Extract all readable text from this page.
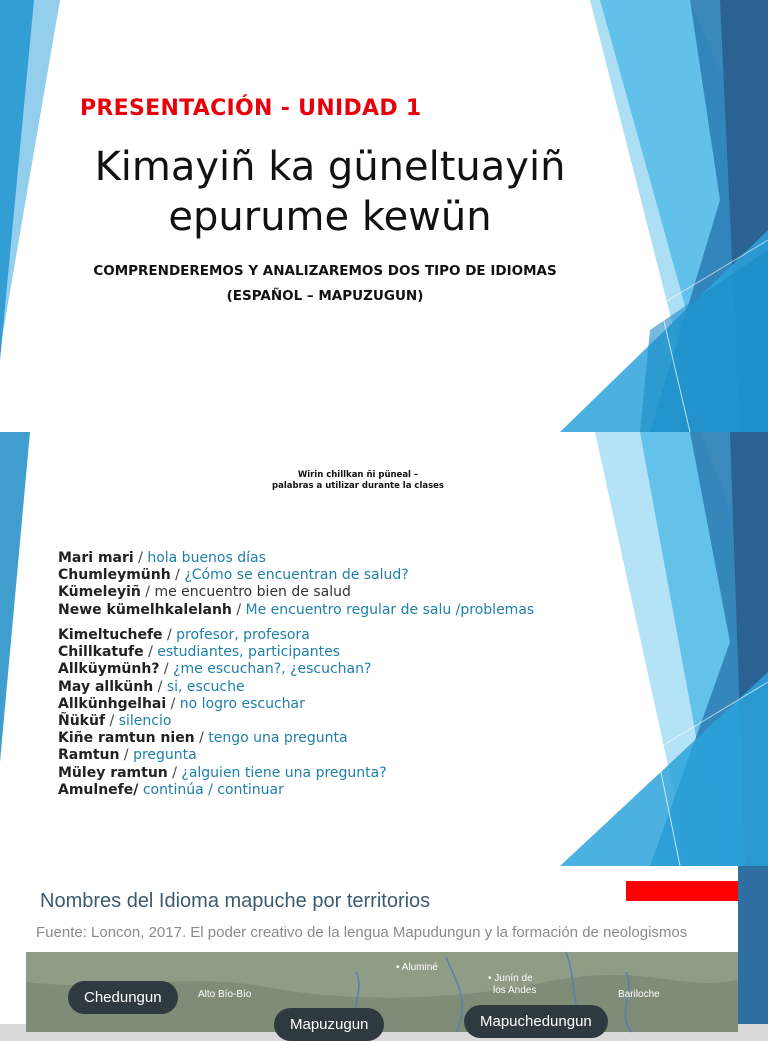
PRESENTACIÓN - UNIDAD 1
Kimayiñ ka güneltuayiñ
epurume kewün
COMPRENDEREMOS Y ANALIZAREMOS DOS TIPO DE IDIOMAS
(ESPAÑOL – MAPUZUGUN)
Wirin chillkan ñi püneal –
palabras a utilizar durante la clases
Mari mari / hola buenos días
Chumleymünh / ¿Cómo se encuentran de salud?
Kümeleyiñ / me encuentro bien de salud
Newe kümelhkalelanh / Me encuentro regular de salu /problemas
Kimeltuchefe / profesor, profesora
Chillkatufe / estudiantes, participantes
Allküymünh? / ¿me escuchan?, ¿escuchan?
May allkünh / si, escuche
Allkünhgelhai / no logro escuchar
Ñüküf / silencio
Kiñe ramtun nien / tengo una pregunta
Ramtun / pregunta
Müley ramtun / ¿alguien tiene una pregunta?
Amulnefe/ continúa / continuar
Nombres del Idioma mapuche por territorios
Fuente: Loncon, 2017. El poder creativo de la lengua Mapudungun y la formación de neologismos
• Aluminé
• Junín de
los Andes
Alto Bío-Bío	Bariloche
Chedungun
Mapuzugun	Mapuchedungun
